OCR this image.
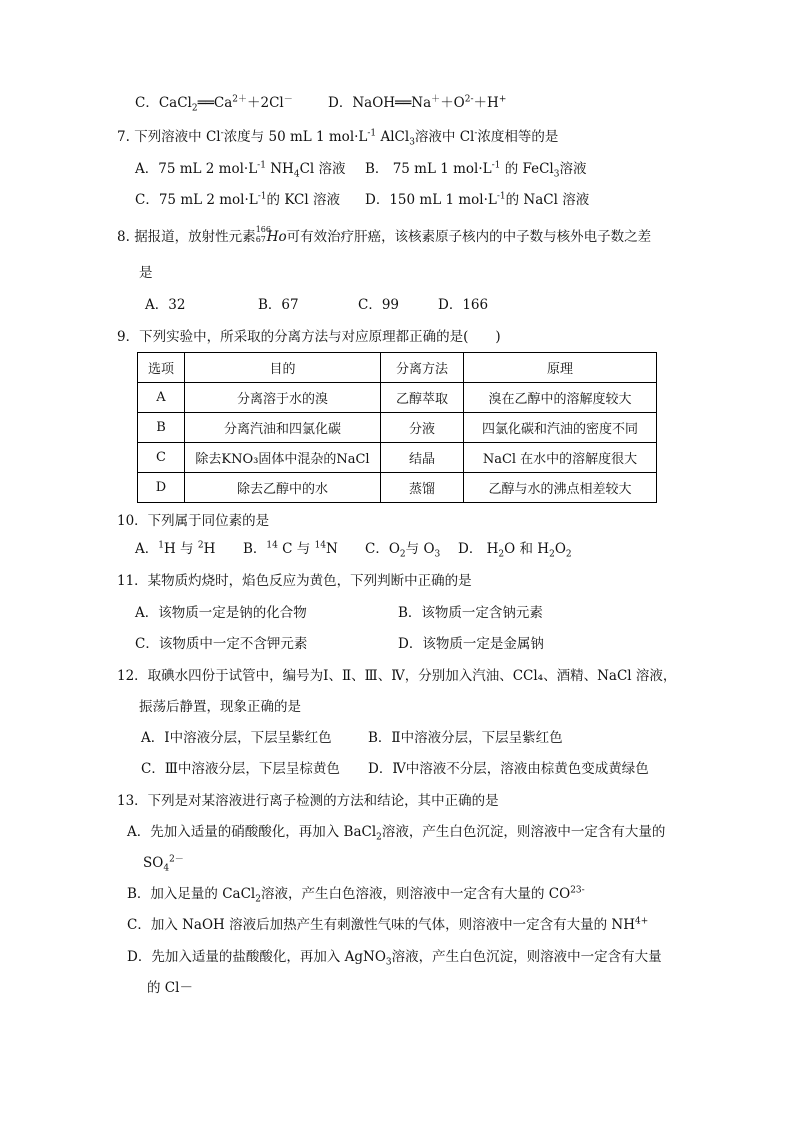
C．$CaCl_2══Ca^{2+}+2Cl^-$	D．$NaOH══Na^++O^{2-}+H^+$
7. 下列溶液中 Cl-浓度与 50 mL 1 $mol\cdot L^{-1}$ AlCl$_3$溶液中 Cl-浓度相等的是
A．75 mL 2 $mol\cdot L^{-1}$ $NH_4Cl$ 溶液 B． 75 mL 1 $mol\cdot L^{-1}$ 的 FeCl$_3$溶液
C．75 mL 2 $mol\cdot L^{-1}$的 KCl 溶液 D．150 mL 1 $mol\cdot L^{-1}$的 NaCl 溶液
8. 据报道，放射性元素 166
67 Ho可有效治疗肝癌，该核素原子核内的中子数与核外电子数之差
是
A．32	B．67	C．99	D．166
9．下列实验中，所采取的分离方法与对应原理都正确的是(　　)
选项	目的	分离方法	原理
A	分离溶于水的溴	乙醇萃取	溴在乙醇中的溶解度较大
B	分离汽油和四氯化碳	分液	四氯化碳和汽油的密度不同
C	除去KNO₃固体中混杂的NaCl	结晶	NaCl 在水中的溶解度很大
D	除去乙醇中的水	蒸馏	乙醇与水的沸点相差较大
10．下列属于同位素的是
A．$^1$H 与 $^2$H B．$^{14}$ C 与 $^{14}$N C．$O_2$与 $O_3$ D． $H_2O$ 和 $H_2O_2$
11．某物质灼烧时，焰色反应为黄色，下列判断中正确的是
A．该物质一定是钠的化合物	B．该物质一定含钠元素
C．该物质中一定不含钾元素	D．该物质一定是金属钠
12．取碘水四份于试管中，编号为Ⅰ、Ⅱ、Ⅲ、Ⅳ，分别加入汽油、CCl₄、酒精、NaCl 溶液，
振荡后静置，现象正确的是
A．Ⅰ中溶液分层，下层呈紫红色	B．Ⅱ中溶液分层，下层呈紫红色
C．Ⅲ中溶液分层，下层呈棕黄色 D．Ⅳ中溶液不分层，溶液由棕黄色变成黄绿色
13．下列是对某溶液进行离子检测的方法和结论，其中正确的是
A．先加入适量的硝酸酸化，再加入 BaCl$_2$溶液，产生白色沉淀，则溶液中一定含有大量的
$SO_4^{2-}$
B．加入足量的 CaCl$_2$溶液，产生白色溶液，则溶液中一定含有大量的 $CO^{23-}$
C．加入 NaOH 溶液后加热产生有刺激性气味的气体，则溶液中一定含有大量的 $NH^{4+}$
D．先加入适量的盐酸酸化，再加入 AgNO$_3$溶液，产生白色沉淀，则溶液中一定含有大量
的 Cl－
